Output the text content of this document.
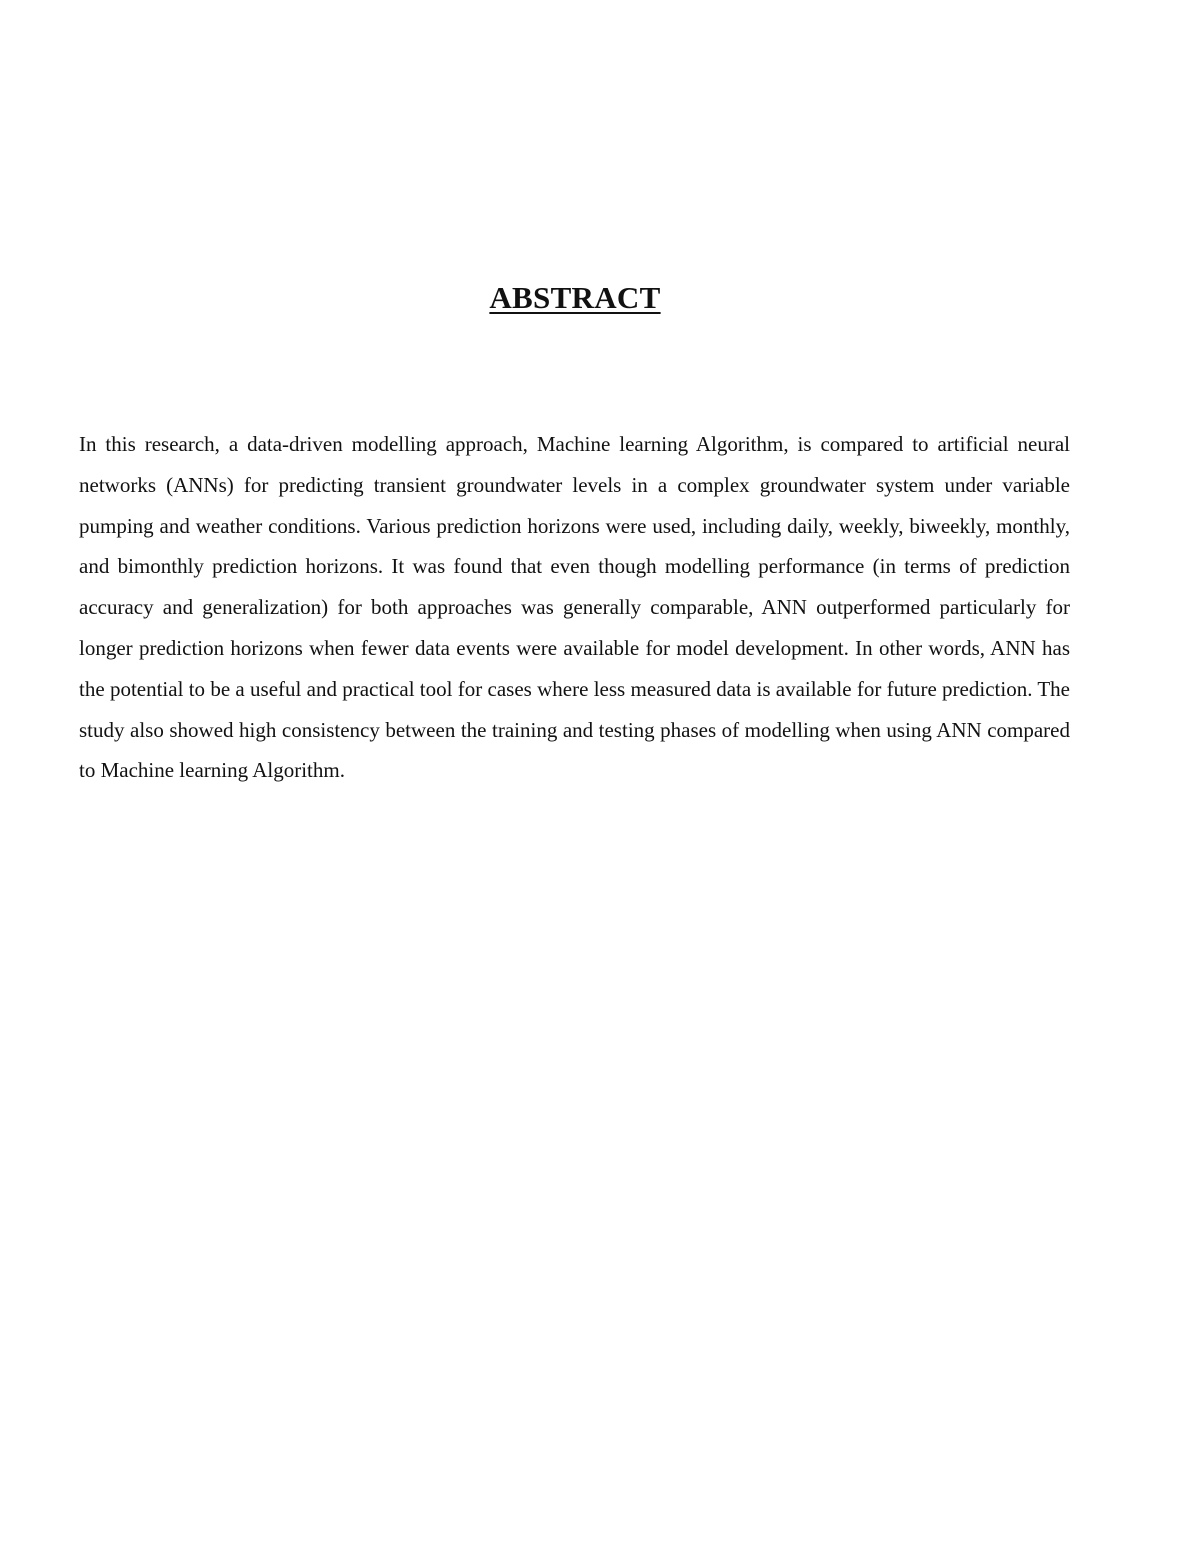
ABSTRACT

In this research, a data-driven modelling approach, Machine learning Algorithm, is compared to artificial neural networks (ANNs) for predicting transient groundwater levels in a complex groundwater system under variable pumping and weather conditions. Various prediction horizons were used, including daily, weekly, biweekly, monthly, and bimonthly prediction horizons. It was found that even though modelling performance (in terms of prediction accuracy and generalization) for both approaches was generally comparable, ANN outperformed particularly for longer prediction horizons when fewer data events were available for model development. In other words, ANN has the potential to be a useful and practical tool for cases where less measured data is available for future prediction. The study also showed high consistency between the training and testing phases of modelling when using ANN compared to Machine learning Algorithm.
